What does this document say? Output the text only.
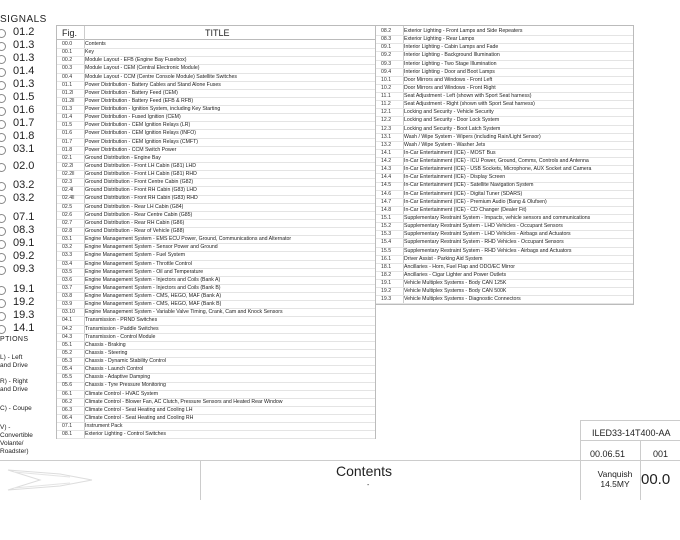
SIGNALS
01.2
01.3
01.3
01.4
01.3
01.5
01.6
01.7
01.8
03.1
02.0
03.2
03.2
07.1
08.3
09.1
09.2
09.3
19.1
19.2
19.3
14.1
PTIONS
L) - Left
and Drive
R) - Right
and Drive
C) - Coupe
V) -
Convertible
Volante/
Roadster)
Fig.	TITLE
00.0	Contents
00.1	Key
00.2	Module Layout - EFB (Engine Bay Fusebox)
00.3	Module Layout - CEM (Central Electronic Module)
00.4	Module Layout - CCM (Centre Console Module) Satellite Switches
01.1	Power Distribution - Battery Cables and Stand Alone Fuses
01.2l	Power Distribution - Battery Feed (CEM)
01.2ll	Power Distribution - Battery Feed (EFB & RFB)
01.3	Power Distribution - Ignition System, including Key Starting
01.4	Power Distribution - Fused Ignition (CEM)
01.5	Power Distribution - CEM Ignition Relays (LR)
01.6	Power Distribution - CEM Ignition Relays (INFO)
01.7	Power Distribution - CEM Ignition Relays (CMFT)
01.8	Power Distribution - CCM Switch Power
02.1	Ground Distribution - Engine Bay
02.2l	Ground Distribution - Front LH Cabin (G81) LHD
02.2ll	Ground Distribution - Front LH Cabin (G81) RHD
02.3	Ground Distribution - Front Centre Cabin (G82)
02.4l	Ground Distribution - Front RH Cabin (G83) LHD
02.4ll	Ground Distribution - Front RH Cabin (G83) RHD
02.5	Ground Distribution - Rear LH Cabin (G84)
02.6	Ground Distribution - Rear Centre Cabin (G85)
02.7	Ground Distribution - Rear RH Cabin (G86)
02.8	Ground Distribution - Rear of Vehicle (G88)
03.1	Engine Management System - EMS ECU Power, Ground, Communications and Alternator
03.2	Engine Management System - Sensor Power and Ground
03.3	Engine Management System - Fuel System
03.4	Engine Management System - Throttle Control
03.5	Engine Management System - Oil and Temperature
03.6	Engine Management System - Injectors and Coils (Bank A)
03.7	Engine Management System - Injectors and Coils (Bank B)
03.8	Engine Management System - CMS, HEGO, MAF (Bank A)
03.9	Engine Management System - CMS, HEGO, MAF (Bank B)
03.10	Engine Management System - Variable Valve Timing, Crank, Cam and Knock Sensors
04.1	Transmission - PRND Switches
04.2	Transmission - Paddle Switches
04.3	Transmission - Control Module
05.1	Chassis - Braking
05.2	Chassis - Steering
05.3	Chassis - Dynamic Stability Control
05.4	Chassis - Launch Control
05.5	Chassis - Adaptive Damping
05.6	Chassis - Tyre Pressure Monitoring
06.1	Climate Control - HVAC System
06.2	Climate Control - Blower Fan, AC Clutch, Pressure Sensors and Heated Rear Window
06.3	Climate Control - Seat Heating and Cooling LH
06.4	Climate Control - Seat Heating and Cooling RH
07.1	Instrument Pack
08.1	Exterior Lighting - Control Switches
08.2	Exterior Lighting - Front Lamps and Side Repeaters
08.3	Exterior Lighting - Rear Lamps
09.1	Interior Lighting - Cabin Lamps and Fade
09.2	Interior Lighting - Background Illumination
09.3	Interior Lighting - Two Stage Illumination
09.4	Interior Lighting - Door and Boot Lamps
10.1	Door Mirrors and Windows - Front Left
10.2	Door Mirrors and Windows - Front Right
11.1	Seat Adjustment - Left (shown with Sport Seat harness)
11.2	Seat Adjustment - Right (shown with Sport Seat harness)
12.1	Locking and Security - Vehicle Security
12.2	Locking and Security - Door Lock System
12.3	Locking and Security - Boot Latch System
13.1	Wash / Wipe System - Wipers (including Rain/Light Sensor)
13.2	Wash / Wipe System - Washer Jets
14.1	In-Car Entertainment (ICE) - MOST Bus
14.2	In-Car Entertainment (ICE) - ICU Power, Ground, Comms, Controls and Antenna
14.3	In-Car Entertainment (ICE) - USB Sockets, Microphone, AUX Socket and Camera
14.4	In-Car Entertainment (ICE) - Display Screen
14.5	In-Car Entertainment (ICE) - Satellite Navigation System
14.6	In-Car Entertainment (ICE) - Digital Tuner (SDARS)
14.7	In-Car Entertainment (ICE) - Premium Audio (Bang & Olufsen)
14.8	In-Car Entertainment (ICE) - CD Changer (Dealer Fit)
15.1	Supplementary Restraint System - Impacts, vehicle sensors and communications
15.2	Supplementary Restraint System - LHD Vehicles - Occupant Sensors
15.3	Supplementary Restraint System - LHD Vehicles - Airbags and Actuators
15.4	Supplementary Restraint System - RHD Vehicles - Occupant Sensors
15.5	Supplementary Restraint System - RHD Vehicles - Airbags and Actuators
16.1	Driver Assist - Parking Aid System
18.1	Ancillaries - Horn, Fuel Flap and ODO/EC Mirror
18.2	Ancillaries - Cigar Lighter and Power Outlets
19.1	Vehicle Multiplex Systems - Body CAN 125K
19.2	Vehicle Multiplex Systems - Body CAN 500K
19.3	Vehicle Multiplex Systems - Diagnostic Connectors
Contents
-
ILED33-14T400-AA
00.06.51	001
Vanquish
14.5MY 00.0
